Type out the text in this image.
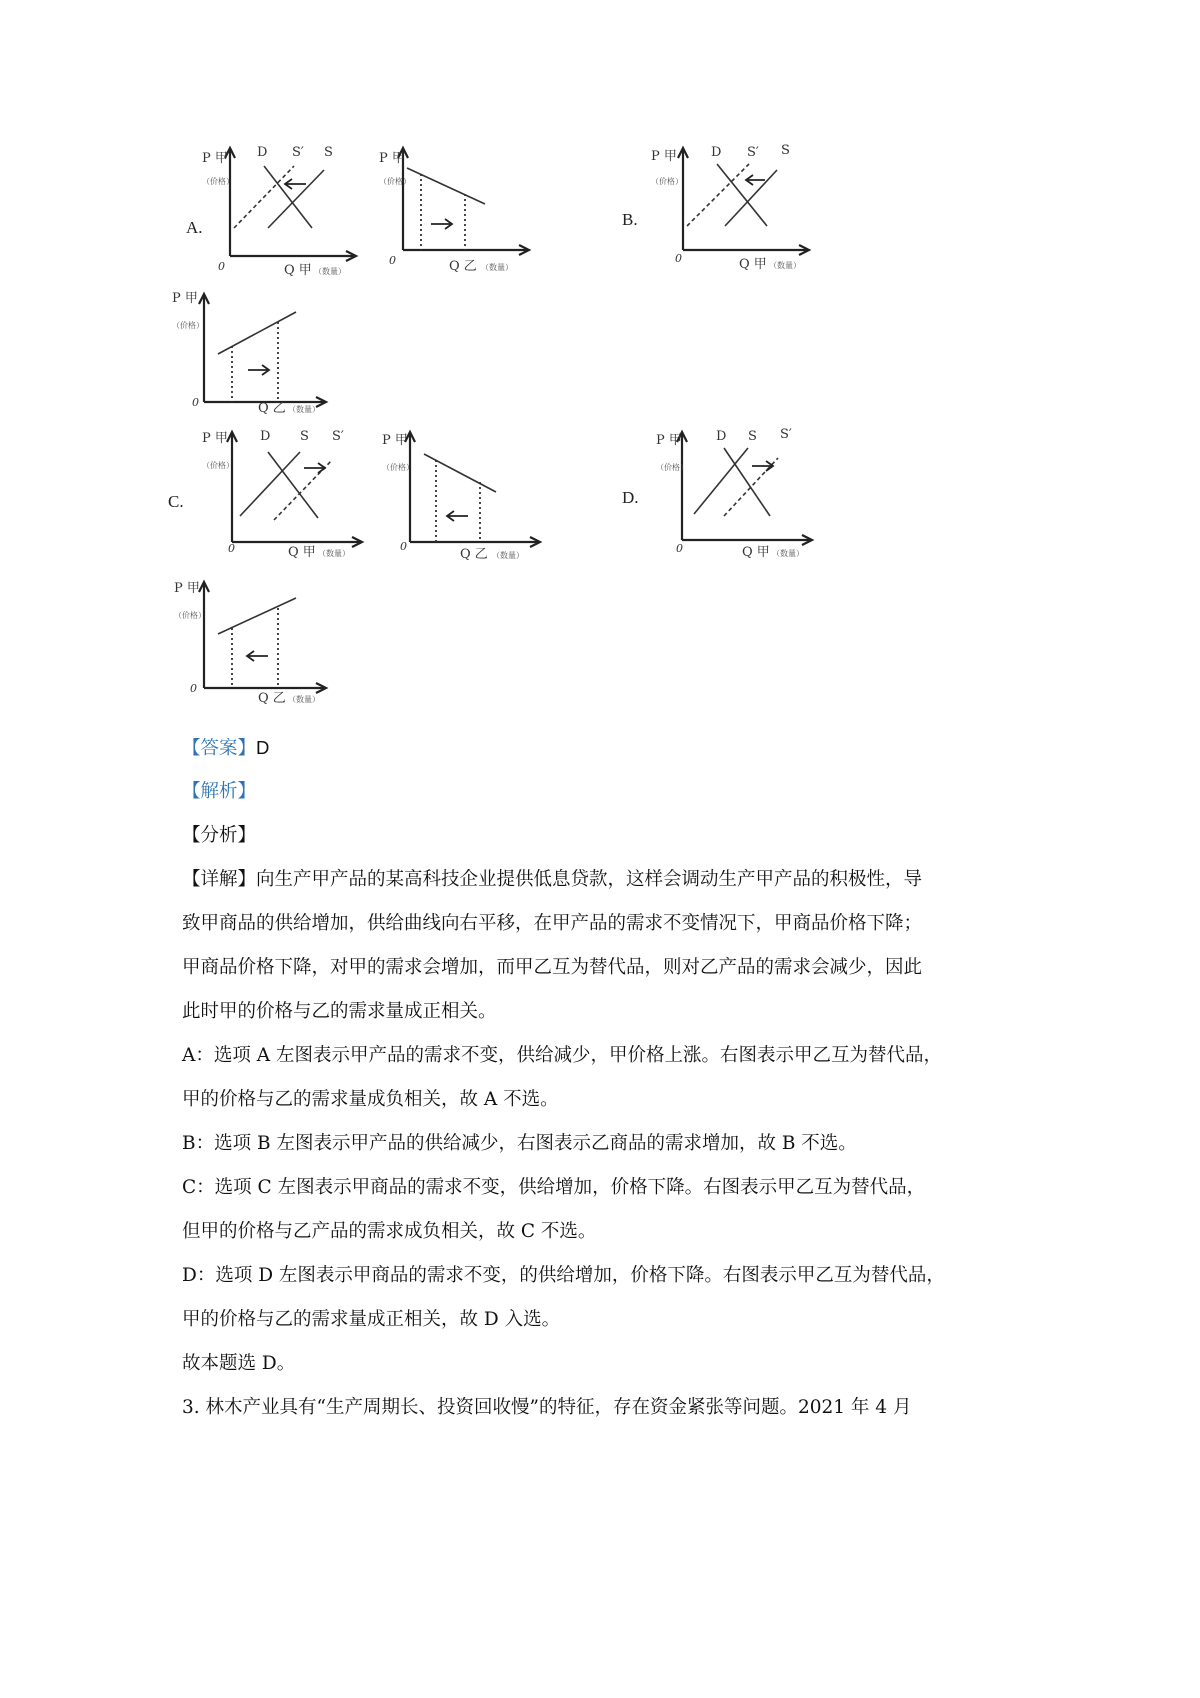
A.
P 甲
（价格）
0	Q 甲 （数量）
D S′ S	P 甲
（价格）
0	Q 乙 （数量）
B.
P 甲
（价格）
0	Q 甲 （数量）
D S′ S
P 甲
（价格）
0	Q 乙 （数量）
C.
P 甲
（价格）
0	Q 甲 （数量）
D S S′	P 甲
（价格）
0
Q 乙 （数量）
D.
P 甲
（价格）
0	Q 甲 （数量）
D S S′
P 甲
（价格）
0
Q 乙 （数量）
【答案】D
【解析】
【分析】
【详解】向生产甲产品的某高科技企业提供低息贷款，这样会调动生产甲产品的积极性，导
致甲商品的供给增加，供给曲线向右平移，在甲产品的需求不变情况下，甲商品价格下降；
甲商品价格下降，对甲的需求会增加，而甲乙互为替代品，则对乙产品的需求会减少，因此
此时甲的价格与乙的需求量成正相关。
A：选项 A 左图表示甲产品的需求不变，供给减少，甲价格上涨。右图表示甲乙互为替代品，
甲的价格与乙的需求量成负相关，故 A 不选。
B：选项 B 左图表示甲产品的供给减少，右图表示乙商品的需求增加，故 B 不选。
C：选项 C 左图表示甲商品的需求不变，供给增加，价格下降。右图表示甲乙互为替代品，
但甲的价格与乙产品的需求成负相关，故 C 不选。
D：选项 D 左图表示甲商品的需求不变，的供给增加，价格下降。右图表示甲乙互为替代品，
甲的价格与乙的需求量成正相关，故 D 入选。
故本题选 D。
3. 林木产业具有“生产周期长、投资回收慢”的特征，存在资金紧张等问题。2021 年 4 月
